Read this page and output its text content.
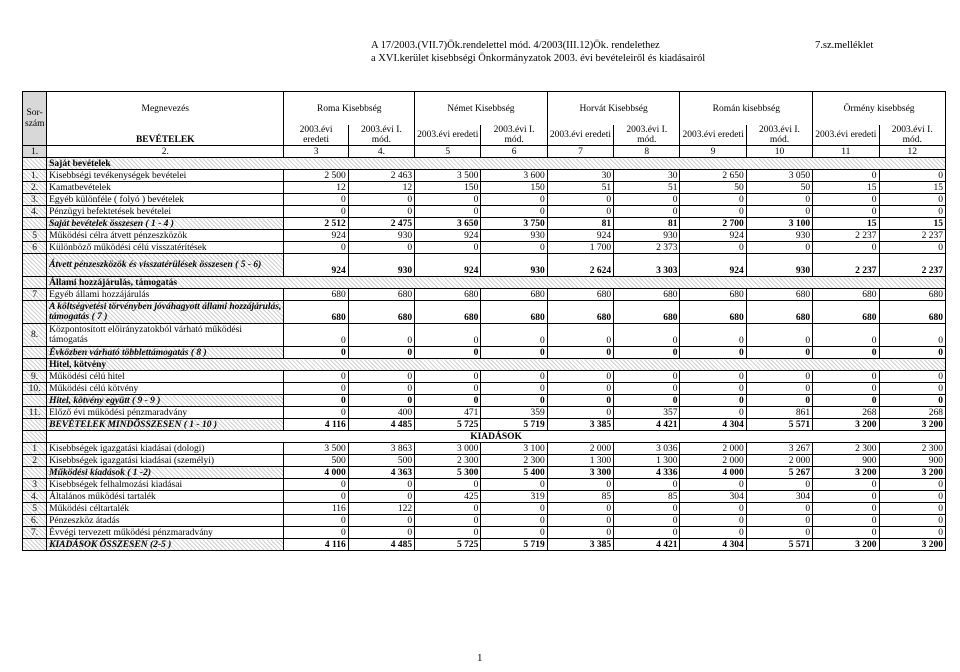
A 17/2003.(VII.7)Ök.rendelettel mód. 4/2003(III.12)Ök. rendelethez
a XVI.kerület kisebbségi Önkormányzatok 2003. évi bevételeiről és kiadásairól
7.sz.melléklet
Sor-
szám	Megnevezés	Roma Kisebbség		Német Kisebbség		Horvát Kisebbség		Román kisebbség		Örmény kisebbség	
	BEVÉTELEK	2003.évi eredeti	2003.évi I. mód.	2003.évi eredeti	2003.évi I. mód.	2003.évi eredeti	2003.évi I. mód.	2003.évi eredeti	2003.évi I. mód.	2003.évi eredeti	2003.évi I. mód.
1.	2.	3	4.	5	6	7	8	9	10	11	12
	Saját bevételek										
1.	Kisebbségi tevékenységek bevételei	2 500	2 463	3 500	3 600	30	30	2 650	3 050	0	0
2.	Kamatbevételek	12	12	150	150	51	51	50	50	15	15
3.	Egyéb különféle ( folyó ) bevételek	0	0	0	0	0	0	0	0	0	0
4.	Pénzügyi befektetések bevételei	0	0	0	0	0	0	0	0	0	0
	Saját bevételek összesen ( 1 - 4 )	2 512	2 475	3 650	3 750	81	81	2 700	3 100	15	15
5	Működési célra átvett pénzeszközök	924	930	924	930	924	930	924	930	2 237	2 237
6	Különböző működési célú visszatérítések	0	0	0	0	1 700	2 373	0	0	0	0
	Átvett pénzeszközök és visszatérülések összesen ( 5 - 6)	924	930	924	930	2 624	3 303	924	930	2 237	2 237
	Állami hozzájárulás, támogatás										
7	Egyéb állami hozzájárulás	680	680	680	680	680	680	680	680	680	680
	A költségvetési törvényben jóváhagyott állami hozzájárulás, támogatás ( 7 )	680	680	680	680	680	680	680	680	680	680
8.	Központosított előirányzatokból várható működési támogatás	0	0	0	0	0	0	0	0	0	0
	Évközben várható többlettámogatás ( 8 )	0	0	0	0	0	0	0	0	0	0
	Hitel, kötvény										
9.	Működési célú hitel	0	0	0	0	0	0	0	0	0	0
10.	Működési célú kötvény	0	0	0	0	0	0	0	0	0	0
	Hitel, kötvény együtt ( 9 - 9 )	0	0	0	0	0	0	0	0	0	0
11.	Előző évi működési pénzmaradvány	0	400	471	359	0	357	0	861	268	268
	BEVÉTELEK MINDÖSSZESEN ( 1 - 10 )	4 116	4 485	5 725	5 719	3 385	4 421	4 304	5 571	3 200	3 200
	KIADÁSOK										
1	Kisebbségek igazgatási kiadásai (dologi)	3 500	3 863	3 000	3 100	2 000	3 036	2 000	3 267	2 300	2 300
2	Kisebbségek igazgatási kiadásai (személyi)	500	500	2 300	2 300	1 300	1 300	2 000	2 000	900	900
	Működési kiadások ( 1 -2)	4 000	4 363	5 300	5 400	3 300	4 336	4 000	5 267	3 200	3 200
3	Kisebbségek felhalmozási kiadásai	0	0	0	0	0	0	0	0	0	0
4.	Általános működési tartalék	0	0	425	319	85	85	304	304	0	0
5	Működési céltartalék	116	122	0	0	0	0	0	0	0	0
6.	Pénzeszköz átadás	0	0	0	0	0	0	0	0	0	0
7.	Évvégi tervezett működési pénzmaradvány	0	0	0	0	0	0	0	0	0	0
	KIADÁSOK ÖSSZESEN (2-5 )	4 116	4 485	5 725	5 719	3 385	4 421	4 304	5 571	3 200	3 200
1
